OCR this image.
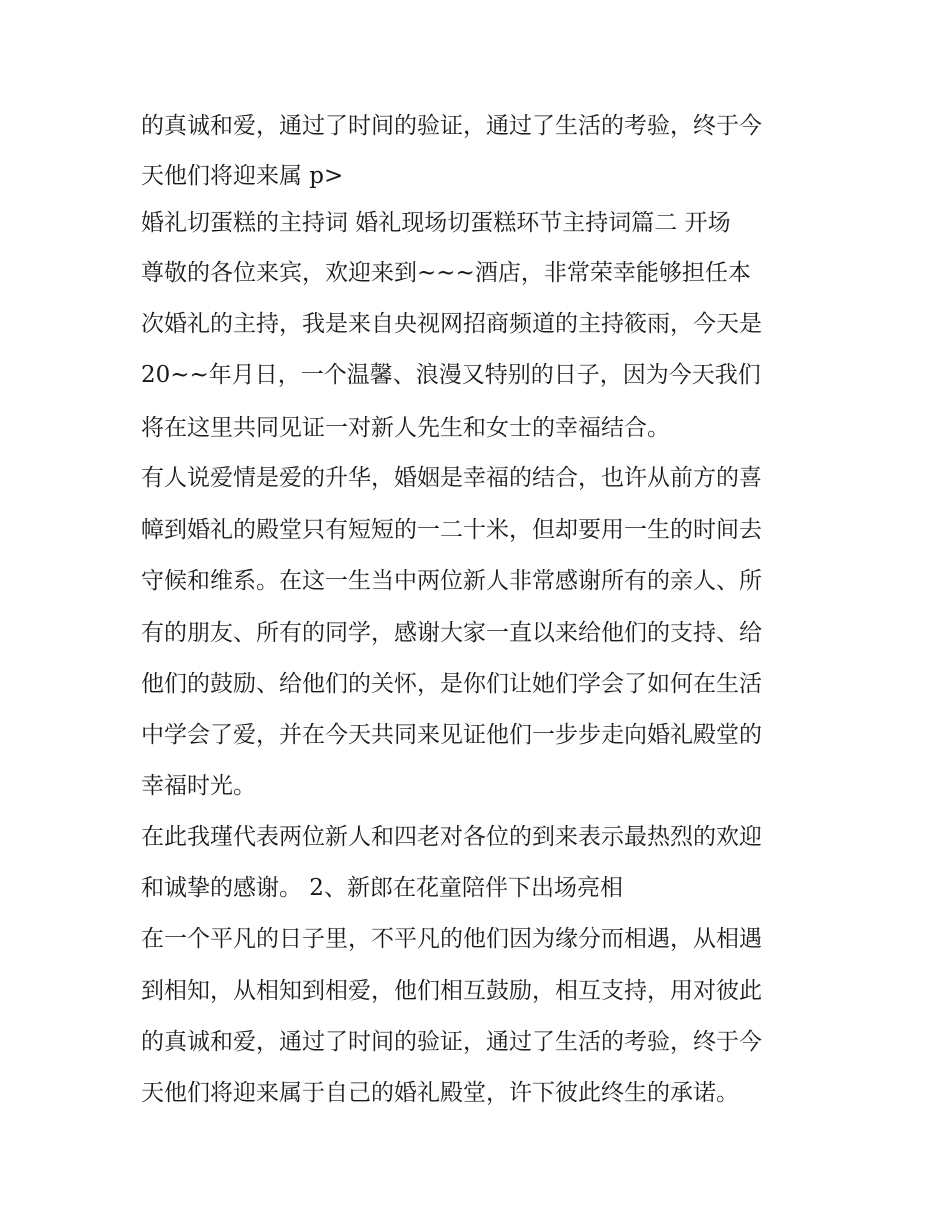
的真诚和爱，通过了时间的验证，通过了生活的考验，终于今
天他们将迎来属 p>
婚礼切蛋糕的主持词 婚礼现场切蛋糕环节主持词篇二 开场
尊敬的各位来宾，欢迎来到~~~酒店，非常荣幸能够担任本
次婚礼的主持，我是来自央视网招商频道的主持筱雨，今天是
20~~年月日，一个温馨、浪漫又特别的日子，因为今天我们
将在这里共同见证一对新人先生和女士的幸福结合。
有人说爱情是爱的升华，婚姻是幸福的结合，也许从前方的喜
幛到婚礼的殿堂只有短短的一二十米，但却要用一生的时间去
守候和维系。在这一生当中两位新人非常感谢所有的亲人、所
有的朋友、所有的同学，感谢大家一直以来给他们的支持、给
他们的鼓励、给他们的关怀，是你们让她们学会了如何在生活
中学会了爱，并在今天共同来见证他们一步步走向婚礼殿堂的
幸福时光。
在此我瑾代表两位新人和四老对各位的到来表示最热烈的欢迎
和诚挚的感谢。 2、新郎在花童陪伴下出场亮相
在一个平凡的日子里，不平凡的他们因为缘分而相遇，从相遇
到相知，从相知到相爱，他们相互鼓励，相互支持，用对彼此
的真诚和爱，通过了时间的验证，通过了生活的考验，终于今
天他们将迎来属于自己的婚礼殿堂，许下彼此终生的承诺。
